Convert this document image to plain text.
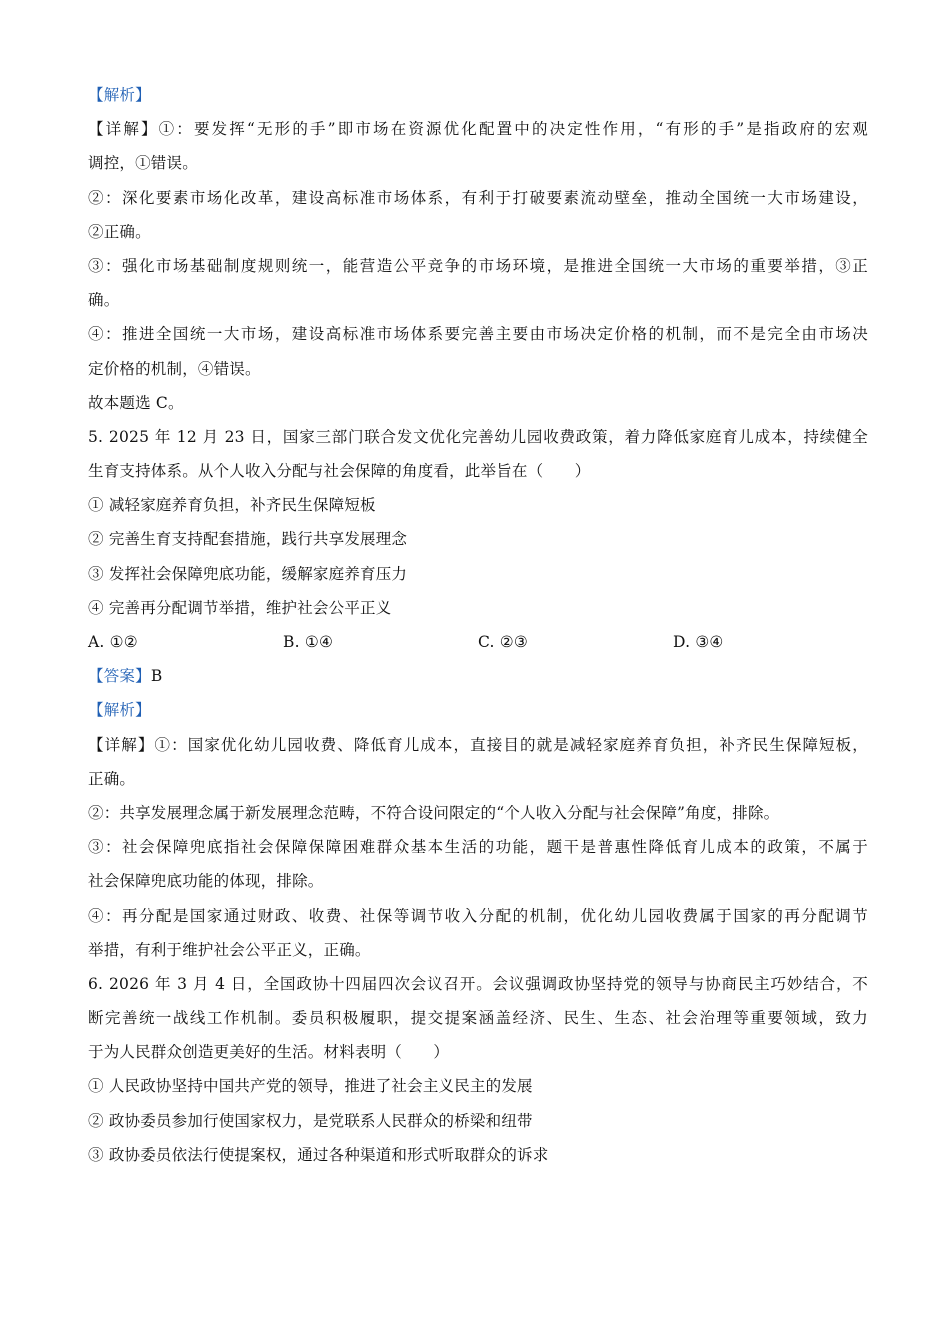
【解析】
【详解】①：要发挥“无形的手”即市场在资源优化配置中的决定性作用，“有形的手”是指政府的宏观
调控，①错误。
②：深化要素市场化改革，建设高标准市场体系，有利于打破要素流动壁垒，推动全国统一大市场建设，
②正确。
③：强化市场基础制度规则统一，能营造公平竞争的市场环境，是推进全国统一大市场的重要举措，③正
确。
④：推进全国统一大市场，建设高标准市场体系要完善主要由市场决定价格的机制，而不是完全由市场决
定价格的机制，④错误。
故本题选 C。
5. 2025 年 12 月 23 日，国家三部门联合发文优化完善幼儿园收费政策，着力降低家庭育儿成本，持续健全
生育支持体系。从个人收入分配与社会保障的角度看，此举旨在（　　）
① 减轻家庭养育负担，补齐民生保障短板
② 完善生育支持配套措施，践行共享发展理念
③ 发挥社会保障兜底功能，缓解家庭养育压力
④ 完善再分配调节举措，维护社会公平正义
A. ①②	B. ①④	C. ②③	D. ③④
【答案】B
【解析】
【详解】①：国家优化幼儿园收费、降低育儿成本，直接目的就是减轻家庭养育负担，补齐民生保障短板，
正确。
②：共享发展理念属于新发展理念范畴，不符合设问限定的“个人收入分配与社会保障”角度，排除。
③：社会保障兜底指社会保障保障困难群众基本生活的功能，题干是普惠性降低育儿成本的政策，不属于
社会保障兜底功能的体现，排除。
④：再分配是国家通过财政、收费、社保等调节收入分配的机制，优化幼儿园收费属于国家的再分配调节
举措，有利于维护社会公平正义，正确。
6. 2026 年 3 月 4 日，全国政协十四届四次会议召开。会议强调政协坚持党的领导与协商民主巧妙结合，不
断完善统一战线工作机制。委员积极履职，提交提案涵盖经济、民生、生态、社会治理等重要领域，致力
于为人民群众创造更美好的生活。材料表明（　　）
① 人民政协坚持中国共产党的领导，推进了社会主义民主的发展
② 政协委员参加行使国家权力，是党联系人民群众的桥梁和纽带
③ 政协委员依法行使提案权，通过各种渠道和形式听取群众的诉求
